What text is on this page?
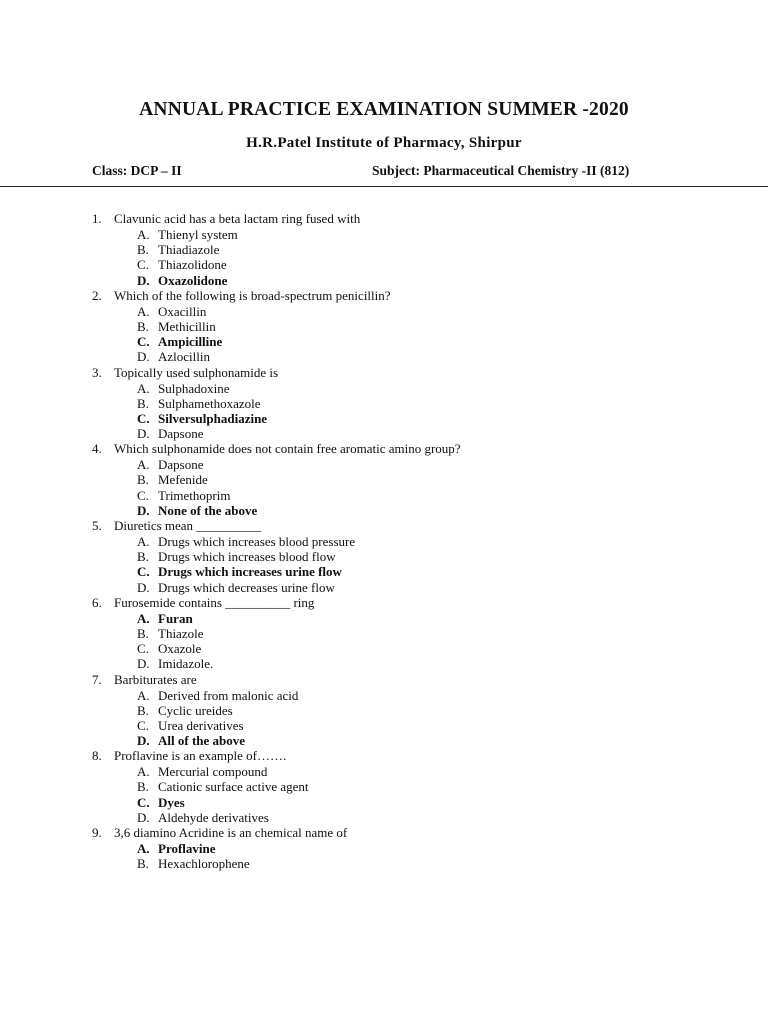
ANNUAL PRACTICE EXAMINATION SUMMER -2020
H.R.Patel Institute of Pharmacy, Shirpur
Class: DCP – II	Subject: Pharmaceutical Chemistry -II (812)
1. Clavunic acid has a beta lactam ring fused with
A. Thienyl system
B. Thiadiazole
C. Thiazolidone
D. Oxazolidone
2. Which of the following is broad-spectrum penicillin?
A. Oxacillin
B. Methicillin
C. Ampicilline
D. Azlocillin
3. Topically used sulphonamide is
A. Sulphadoxine
B. Sulphamethoxazole
C. Silversulphadiazine
D. Dapsone
4. Which sulphonamide does not contain free aromatic amino group?
A. Dapsone
B. Mefenide
C. Trimethoprim
D. None of the above
5. Diuretics mean __________
A. Drugs which increases blood pressure
B. Drugs which increases blood flow
C. Drugs which increases urine flow
D. Drugs which decreases urine flow
6. Furosemide contains __________ ring
A. Furan
B. Thiazole
C. Oxazole
D. Imidazole.
7. Barbiturates are
A. Derived from malonic acid
B. Cyclic ureides
C. Urea derivatives
D. All of the above
8. Proflavine is an example of…….
A. Mercurial compound
B. Cationic surface active agent
C. Dyes
D. Aldehyde derivatives
9. 3,6 diamino Acridine is an chemical name of
A. Proflavine
B. Hexachlorophene
